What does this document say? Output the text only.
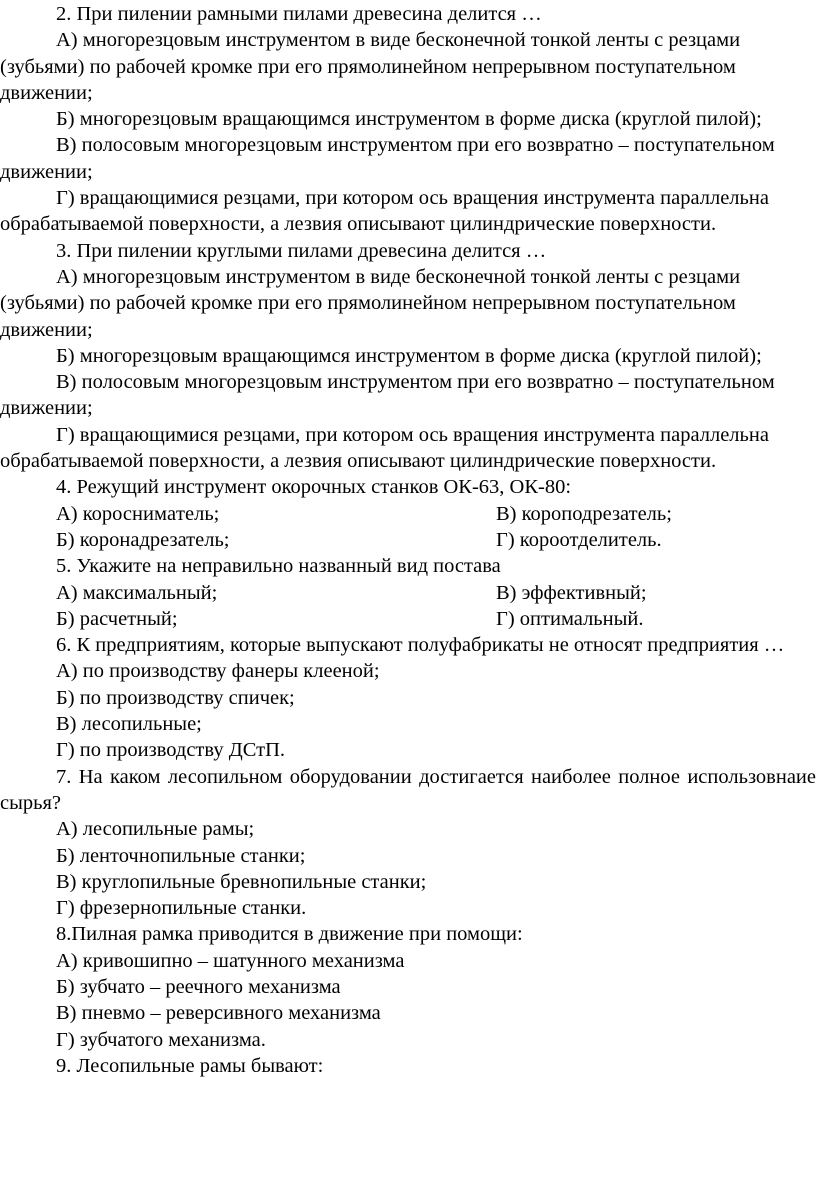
2. При пилении рамными пилами древесина делится …

А) многорезцовым инструментом в виде бесконечной тонкой ленты с резцами (зубьями) по рабочей кромке при его прямолинейном непрерывном поступательном движении;

Б) многорезцовым вращающимся инструментом в форме диска (круглой пилой);

В) полосовым многорезцовым инструментом при его возвратно – поступательном движении;

Г) вращающимися резцами, при котором ось вращения инструмента параллельна обрабатываемой поверхности, а лезвия описывают цилиндрические поверхности.

3. При пилении круглыми пилами древесина делится …

А) многорезцовым инструментом в виде бесконечной тонкой ленты с резцами (зубьями) по рабочей кромке при его прямолинейном непрерывном поступательном движении;

Б) многорезцовым вращающимся инструментом в форме диска (круглой пилой);

В) полосовым многорезцовым инструментом при его возвратно – поступательном движении;

Г) вращающимися резцами, при котором ось вращения инструмента параллельна обрабатываемой поверхности, а лезвия описывают цилиндрические поверхности.

4. Режущий инструмент окорочных станков ОК-63, ОК-80:

А) короснимaтель;	В) короподрезатель;
Б) коронадрезатель;	Г) короотделитель.

5. Укажите на неправильно названный вид постава

А) максимальный;	В) эффективный;
Б) расчетный;	Г) оптимальный.

6. К предприятиям, которые выпускают полуфабрикаты не относят предприятия …

А) по производству фанеры клееной;

Б) по производству спичек;

В) лесопильные;

Г) по производству ДСтП.

7. На каком лесопильном оборудовании достигается наиболее полное использовнаие сырья?

А) лесопильные рамы;

Б) ленточнопильные станки;

В) круглопильные бревнопильные станки;

Г) фрезернопильные станки.

8.Пилная рамка приводится в движение при помощи:

А) кривошипно – шатунного механизма

Б) зубчато – реечного механизма

В) пневмо – реверсивного механизма

Г) зубчатого механизма.

9. Лесопильные рамы бывают:
